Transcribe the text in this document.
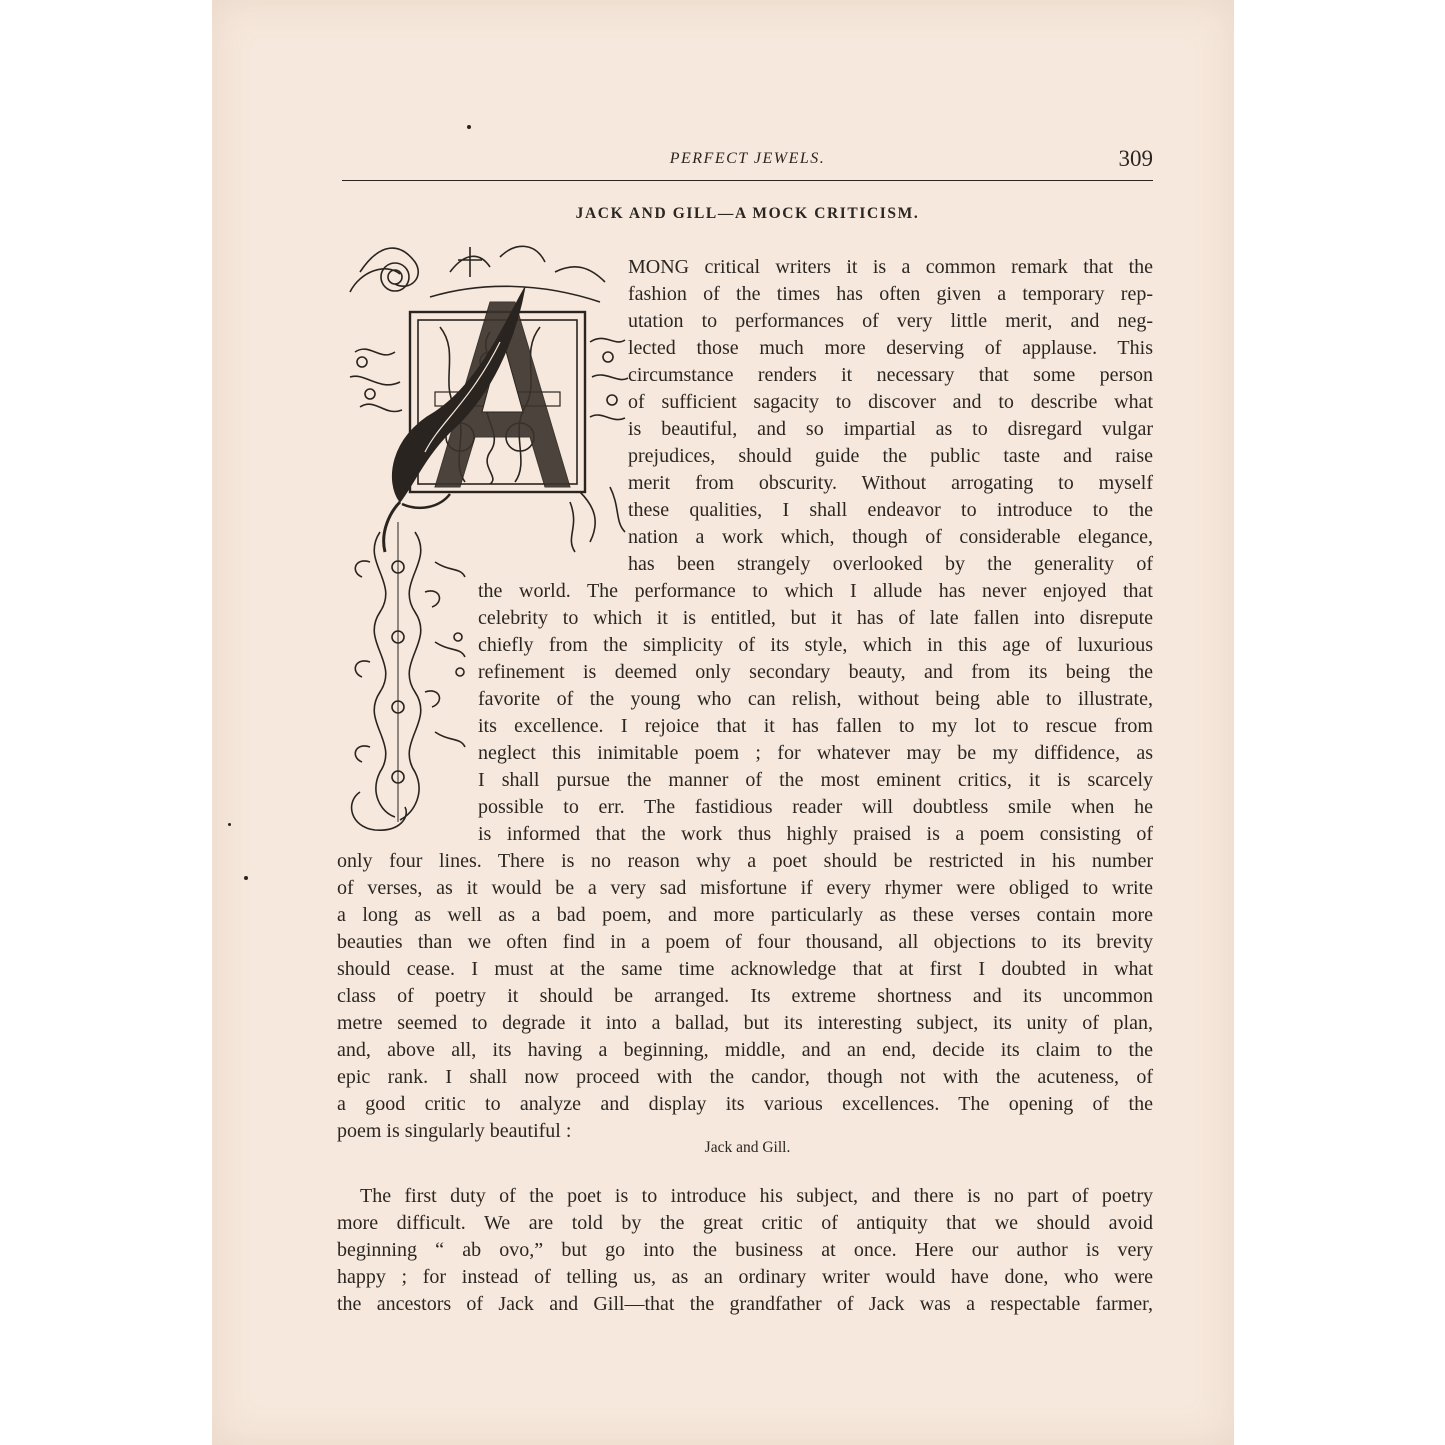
PERFECT JEWELS.	309
JACK AND GILL—A MOCK CRITICISM.
MONG critical writers it is a common remark that the
fashion of the times has often given a temporary rep-
utation to performances of very little merit, and neg-
lected those much more deserving of applause. This
circumstance renders it necessary that some person
of sufficient sagacity to discover and to describe what
is beautiful, and so impartial as to disregard vulgar
prejudices, should guide the public taste and raise
merit from obscurity. Without arrogating to myself
these qualities, I shall endeavor to introduce to the
nation a work which, though of considerable elegance,
has been strangely overlooked by the generality of
the world. The performance to which I allude has never enjoyed that
celebrity to which it is entitled, but it has of late fallen into disrepute
chiefly from the simplicity of its style, which in this age of luxurious
refinement is deemed only secondary beauty, and from its being the
favorite of the young who can relish, without being able to illustrate,
its excellence. I rejoice that it has fallen to my lot to rescue from
neglect this inimitable poem ; for whatever may be my diffidence, as
I shall pursue the manner of the most eminent critics, it is scarcely
possible to err. The fastidious reader will doubtless smile when he
is informed that the work thus highly praised is a poem consisting of
only four lines. There is no reason why a poet should be restricted in his number
of verses, as it would be a very sad misfortune if every rhymer were obliged to write
a long as well as a bad poem, and more particularly as these verses contain more
beauties than we often find in a poem of four thousand, all objections to its brevity
should cease. I must at the same time acknowledge that at first I doubted in what
class of poetry it should be arranged. Its extreme shortness and its uncommon
metre seemed to degrade it into a ballad, but its interesting subject, its unity of plan,
and, above all, its having a beginning, middle, and an end, decide its claim to the
epic rank. I shall now proceed with the candor, though not with the acuteness, of
a good critic to analyze and display its various excellences. The opening of the
poem is singularly beautiful :
The first duty of the poet is to introduce his subject, and there is no part of poetry
more difficult. We are told by the great critic of antiquity that we should avoid
beginning “ ab ovo,” but go into the business at once. Here our author is very
happy ; for instead of telling us, as an ordinary writer would have done, who were
the ancestors of Jack and Gill—that the grandfather of Jack was a respectable farmer,
Jack and Gill.
